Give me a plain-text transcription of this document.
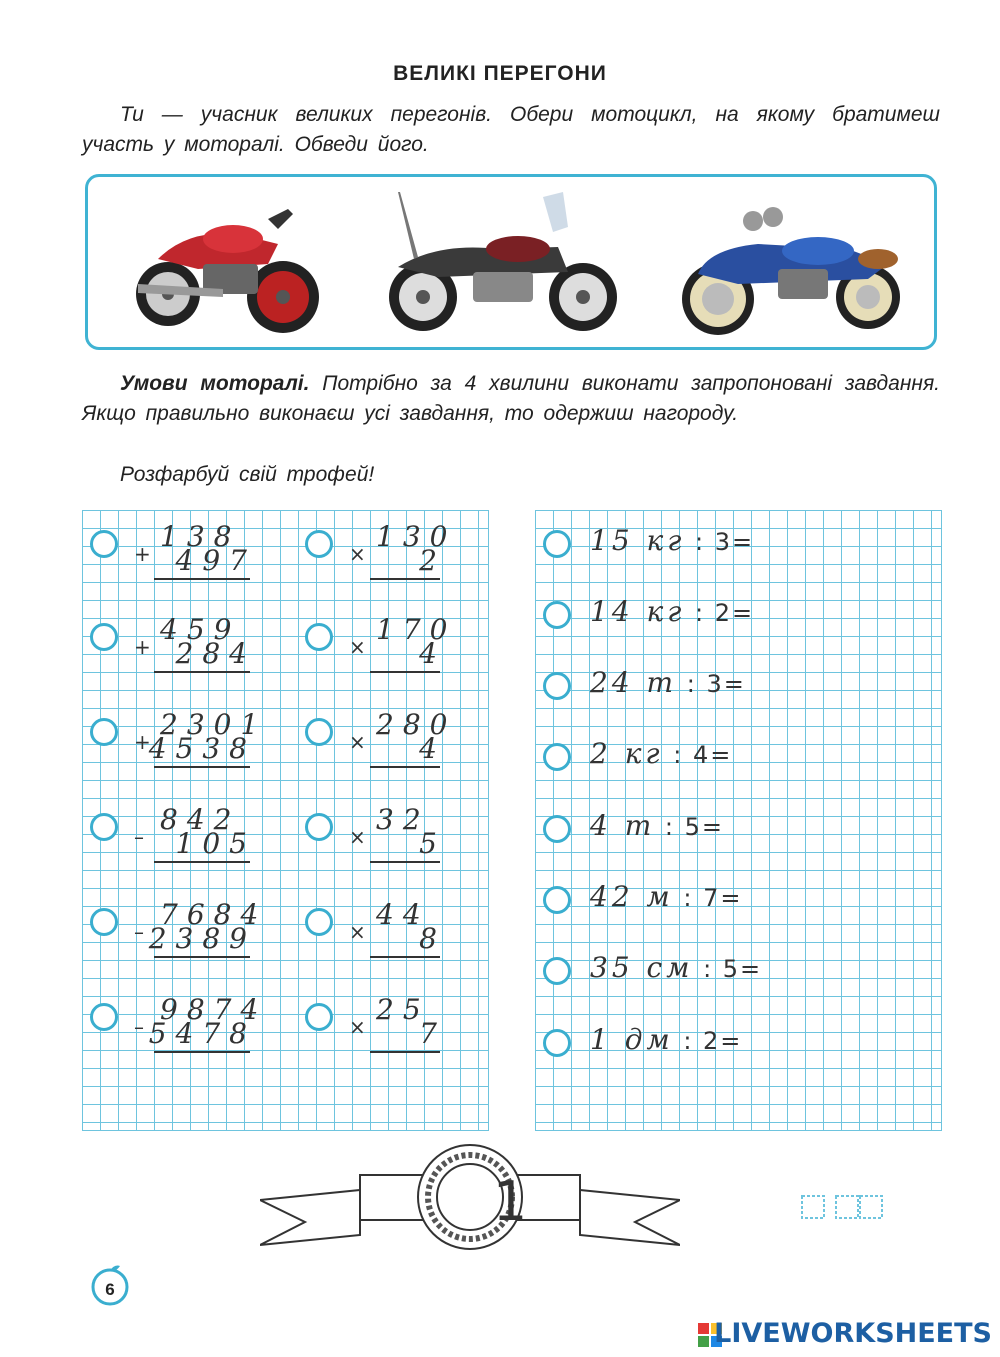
ВЕЛИКІ ПЕРЕГОНИ
Ти — учасник великих перегонів. Обери мотоцикл, на якому братимеш участь у моторалі. Обведи його.
Умови моторалі. Потрібно за 4 хвилини виконати запропоновані завдання. Якщо правильно виконаєш усі завдання, то одержиш нагороду.
Розфарбуй свій трофей!
1
6
LIVEWORKSHEETS
+
138
497
+
459
284
+
2301
4538
–
842
105
–
7684
2389
–
9874
5478
×
130
2
×
170
4
×
280
4
×
32
5
×
44
8
×
25
7
15 кг : 3=
14 кг : 2=
24 т : 3=
2 кг : 4=
4 т : 5=
42 м : 7=
35 см : 5=
1 дм : 2=
